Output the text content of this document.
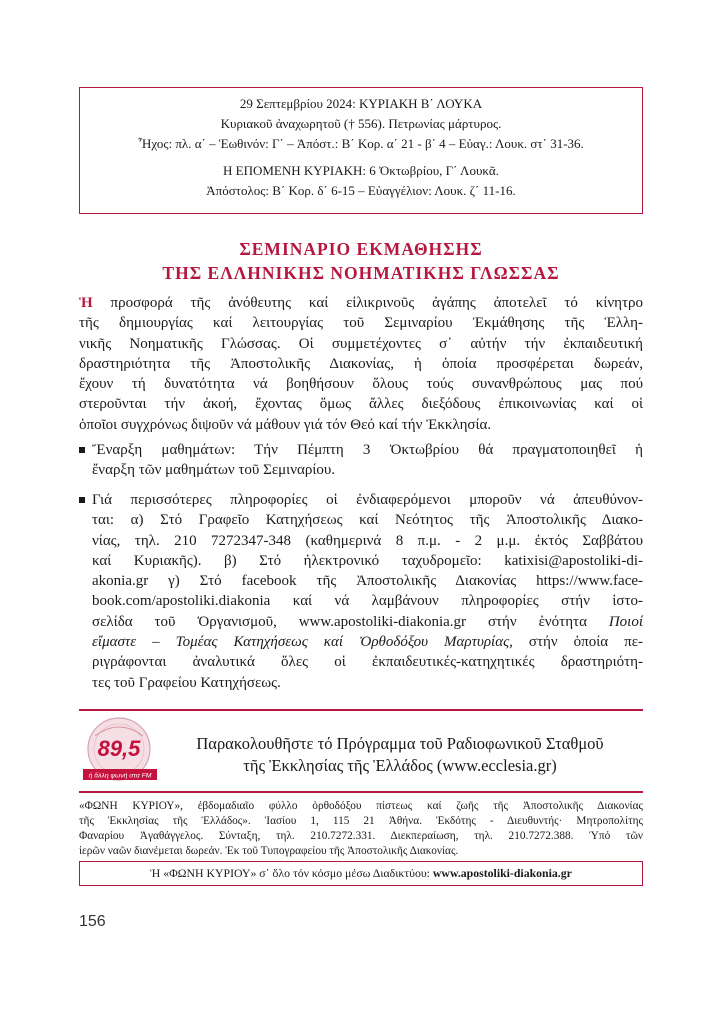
29 Σεπτεμβρίου 2024: ΚΥΡΙΑΚΗ Β΄ ΛΟΥΚΑ
Κυριακοῦ ἀναχωρητοῦ († 556). Πετρωνίας μάρτυρος.
Ἦχος: πλ. α΄ – Ἑωθινόν: Γ΄ – Ἀπόστ.: Β΄ Κορ. α΄ 21 - β΄ 4 – Εὐαγ.: Λουκ. στ΄ 31-36.
Η ΕΠΟΜΕΝΗ ΚΥΡΙΑΚΗ: 6 Ὀκτωβρίου, Γ΄ Λουκᾶ.
Ἀπόστολος: Β΄ Κορ. δ΄ 6-15 – Εὐαγγέλιον: Λουκ. ζ΄ 11-16.
ΣΕΜΙΝΑΡΙΟ ΕΚΜΑΘΗΣΗΣ
ΤΗΣ ΕΛΛΗΝΙΚΗΣ ΝΟΗΜΑΤΙΚΗΣ ΓΛΩΣΣΑΣ
Ἡ προσφορά τῆς ἀνόθευτης καί εἰλικρινοῦς ἀγάπης ἀποτελεῖ τό κίνητρο
τῆς δημιουργίας καί λειτουργίας τοῦ Σεμιναρίου Ἐκμάθησης τῆς Ἑλλη-
νικῆς Νοηματικῆς Γλώσσας. Οἱ συμμετέχοντες σ᾿ αὐτήν τήν ἐκπαιδευτική
δραστηριότητα τῆς Ἀποστολικῆς Διακονίας, ἡ ὁποία προσφέρεται δωρεάν,
ἔχουν τή δυνατότητα νά βοηθήσουν ὅλους τούς συνανθρώπους μας πού
στεροῦνται τήν ἀκοή, ἔχοντας ὅμως ἄλλες διεξόδους ἐπικοινωνίας καί οἱ
ὁποῖοι συγχρόνως διψοῦν νά μάθουν γιά τόν Θεό καί τήν Ἐκκλησία.
Ἔναρξη μαθημάτων: Τήν Πέμπτη 3 Ὀκτωβρίου θά πραγματοποιηθεῖ ἡ
ἔναρξη τῶν μαθημάτων τοῦ Σεμιναρίου.
Γιά περισσότερες πληροφορίες οἱ ἐνδιαφερόμενοι μποροῦν νά ἀπευθύνον-
ται: α) Στό Γραφεῖο Κατηχήσεως καί Νεότητος τῆς Ἀποστολικῆς Διακο-
νίας, τηλ. 210 7272347-348 (καθημερινά 8 π.μ. - 2 μ.μ. ἐκτός Σαββάτου
καί Κυριακῆς). β) Στό ἠλεκτρονικό ταχυδρομεῖο: katixisi@apostoliki-di-
akonia.gr γ) Στό facebook τῆς Ἀποστολικῆς Διακονίας https://www.face-
book.com/apostoliki.diakonia καί νά λαμβάνουν πληροφορίες στήν ἱστο-
σελίδα τοῦ Ὀργανισμοῦ, www.apostoliki-diakonia.gr στήν ἑνότητα Ποιοί
εἴμαστε – Τομέας Κατηχήσεως καί Ὀρθοδόξου Μαρτυρίας, στήν ὁποία πε-
ριγράφονται ἀναλυτικά ὅλες οἱ ἐκπαιδευτικές-κατηχητικές δραστηριότη-
τες τοῦ Γραφείου Κατηχήσεως.
89,5
ἡ ἄλλη φωνή στα FM
Παρακολουθῆστε τό Πρόγραμμα τοῦ Ραδιοφωνικοῦ Σταθμοῦ
τῆς Ἐκκλησίας τῆς Ἑλλάδος (www.ecclesia.gr)
«ΦΩΝΗ ΚΥΡΙΟΥ», ἑβδομαδιαῖο φύλλο ὀρθοδόξου πίστεως καί ζωῆς τῆς Ἀποστολικῆς Διακονίας
τῆς Ἐκκλησίας τῆς Ἑλλάδος». Ἰασίου 1, 115 21 Ἀθήνα. Ἐκδότης - Διευθυντής· Μητροπολίτης
Φαναρίου Ἀγαθάγγελος. Σύνταξη, τηλ. 210.7272.331. Διεκπεραίωση, τηλ. 210.7272.388. Ὑπό τῶν
ἱερῶν ναῶν διανέμεται δωρεάν. Ἐκ τοῦ Τυπογραφείου τῆς Ἀποστολικῆς Διακονίας.
Ἡ «ΦΩΝΗ ΚΥΡΙΟΥ» σ᾿ ὅλο τόν κόσμο μέσω Διαδικτύου: www.apostoliki-diakonia.gr
156
